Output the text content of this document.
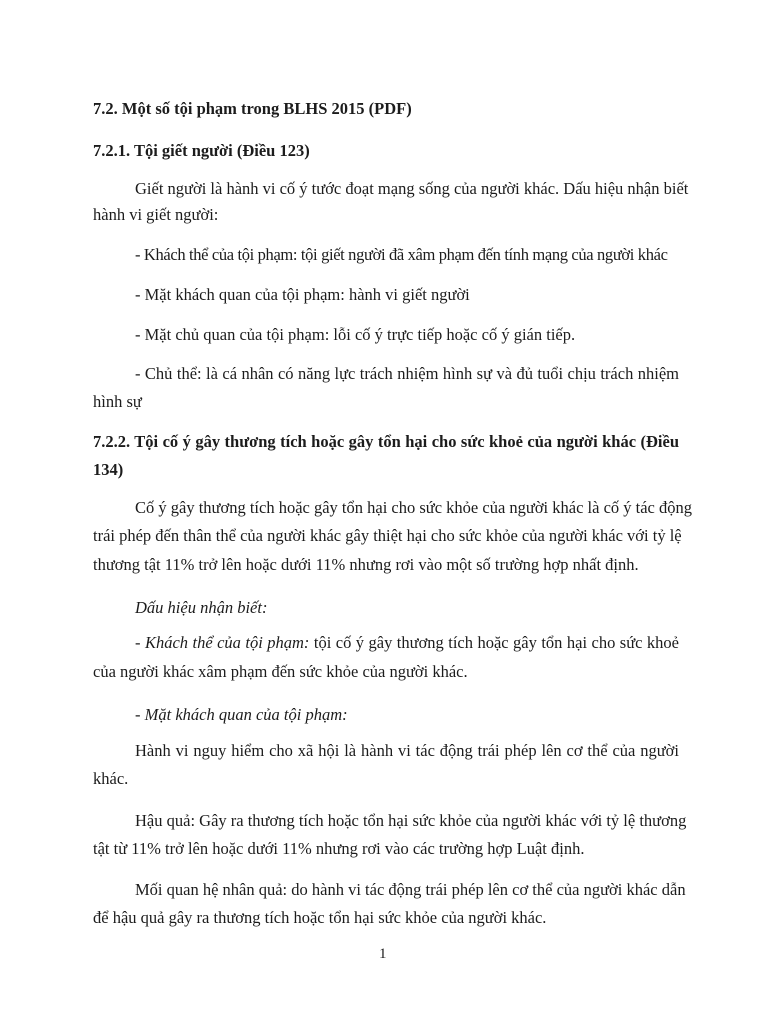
7.2. Một số tội phạm trong BLHS 2015 (PDF)

7.2.1. Tội giết người (Điều 123)

Giết người là hành vi cố ý tước đoạt mạng sống của người khác. Dấu hiệu nhận biết

hành vi giết người:

- Khách thể của tội phạm: tội giết người đã xâm phạm đến tính mạng của người khác

- Mặt khách quan của tội phạm: hành vi giết người

- Mặt chủ quan của tội phạm: lỗi cố ý trực tiếp hoặc cố ý gián tiếp.

- Chủ thể: là cá nhân có năng lực trách nhiệm hình sự và đủ tuổi chịu trách nhiệm

hình sự

7.2.2. Tội cố ý gây thương tích hoặc gây tổn hại cho sức khoẻ của người khác (Điều

134)

Cố ý gây thương tích hoặc gây tổn hại cho sức khỏe của người khác là cố ý tác động

trái phép đến thân thể của người khác gây thiệt hại cho sức khỏe của người khác với tỷ lệ

thương tật 11% trở lên hoặc dưới 11% nhưng rơi vào một số trường hợp nhất định.

Dấu hiệu nhận biết:

- Khách thể của tội phạm: tội cố ý gây thương tích hoặc gây tổn hại cho sức khoẻ

của người khác xâm phạm đến sức khỏe của người khác.

- Mặt khách quan của tội phạm:

Hành vi nguy hiểm cho xã hội là hành vi tác động trái phép lên cơ thể của người

khác.

Hậu quả: Gây ra thương tích hoặc tổn hại sức khỏe của người khác với tỷ lệ thương

tật từ 11% trở lên hoặc dưới 11% nhưng rơi vào các trường hợp Luật định.

Mối quan hệ nhân quả: do hành vi tác động trái phép lên cơ thể của người khác dẫn

để hậu quả gây ra thương tích hoặc tổn hại sức khỏe của người khác.

1
